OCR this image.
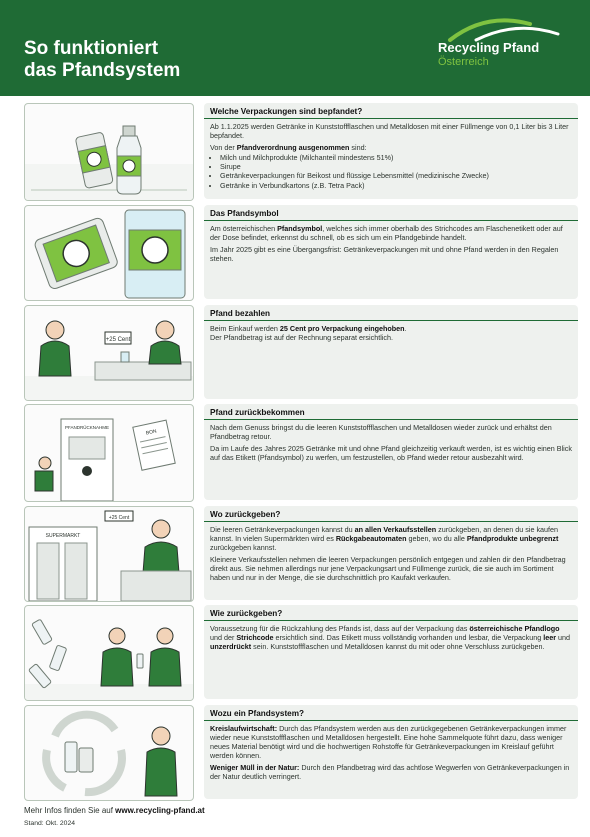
So funktioniert
das Pfandsystem
Recycling Pfand
Österreich
Welche Verpackungen sind bepfandet?

Ab 1.1.2025 werden Getränke in Kunststoffflaschen und Metalldosen mit einer Füllmenge von 0,1 Liter bis 3 Liter bepfandet.

Von der Pfandverordnung ausgenommen sind:

• Milch und Milchprodukte (Milchanteil mindestens 51%)
• Sirupe
• Getränkeverpackungen für Beikost und flüssige Lebensmittel (medizinische Zwecke)
• Getränke in Verbundkartons (z.B. Tetra Pack)
Das Pfandsymbol

Am österreichischen Pfandsymbol, welches sich immer oberhalb des Strichcodes am Flaschenetikett oder auf der Dose befindet, erkennst du schnell, ob es sich um ein Pfandgebinde handelt.

Im Jahr 2025 gibt es eine Übergangsfrist: Getränkeverpackungen mit und ohne Pfand werden in den Regalen stehen.

+25 Cent
Pfand bezahlen

Beim Einkauf werden 25 Cent pro Verpackung eingehoben.

Der Pfandbetrag ist auf der Rechnung separat ersichtlich.

PFANDRÜCKNAHME
BON
Pfand zurückbekommen

Nach dem Genuss bringst du die leeren Kunststoffflaschen und Metalldosen wieder zurück und erhältst den Pfandbetrag retour.

Da im Laufe des Jahres 2025 Getränke mit und ohne Pfand gleichzeitig verkauft werden, ist es wichtig einen Blick auf das Etikett (Pfandsymbol) zu werfen, um festzustellen, ob Pfand wieder retour ausbezahlt wird.

SUPERMARKT
+25 Cent	Wo zurückgeben?

Die leeren Getränkeverpackungen kannst du an allen Verkaufsstellen zurückgeben, an denen du sie kaufen kannst. In vielen Supermärkten wird es Rückgabeautomaten geben, wo du alle Pfandprodukte unbegrenzt zurückgeben kannst.

Kleinere Verkaufsstellen nehmen die leeren Verpackungen persönlich entgegen und zahlen dir den Pfandbetrag direkt aus. Sie nehmen allerdings nur jene Verpackungsart und Füllmenge zurück, die sie auch im Sortiment haben und nur in der Menge, die sie durchschnittlich pro Kaufakt verkaufen.

Wie zurückgeben?

Voraussetzung für die Rückzahlung des Pfands ist, dass auf der Verpackung das österreichische Pfandlogo und der Strichcode ersichtlich sind. Das Etikett muss vollständig vorhanden und lesbar, die Verpackung leer und unzerdrückt sein. Kunststoffflaschen und Metalldosen kannst du mit oder ohne Verschluss zurückgeben.

Wozu ein Pfandsystem?

Kreislaufwirtschaft: Durch das Pfandsystem werden aus den zurückgegebenen Getränkeverpackungen immer wieder neue Kunststoffflaschen und Metalldosen hergestellt. Eine hohe Sammelquote führt dazu, dass weniger neues Material benötigt wird und die hochwertigen Rohstoffe für Getränkeverpackungen im Kreislauf geführt werden können.

Weniger Müll in der Natur: Durch den Pfandbetrag wird das achtlose Wegwerfen von Getränkeverpackungen in der Natur deutlich verringert.

Mehr Infos finden Sie auf www.recycling-pfand.at
Stand: Okt. 2024
